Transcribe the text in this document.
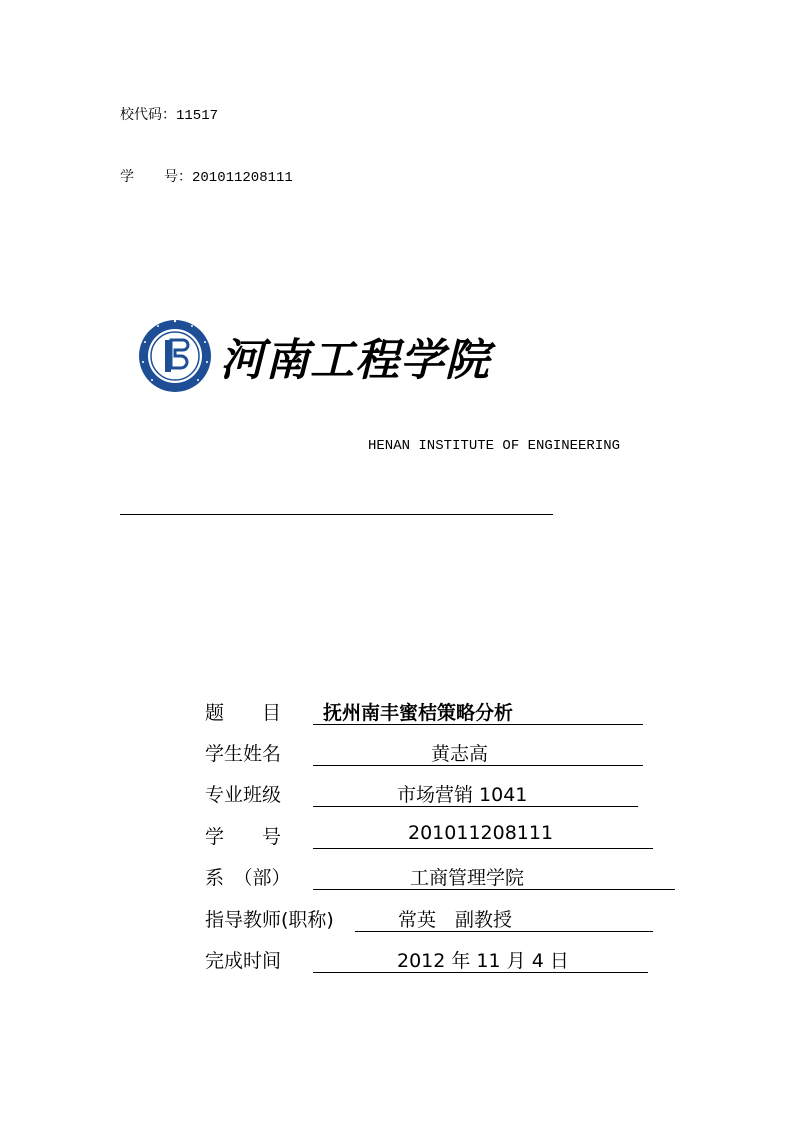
校代码：11517
学 号：201011208111
河南工程学院
HENAN INSTITUTE OF ENGINEERING
题　　目 抚州南丰蜜桔策略分析
学生姓名	黄志高
专业班级	市场营销 1041
学　　号	201011208111
系　（部）	工商管理学院
指导教师(职称)	常英　副教授
完成时间	2012 年 11 月 4 日
